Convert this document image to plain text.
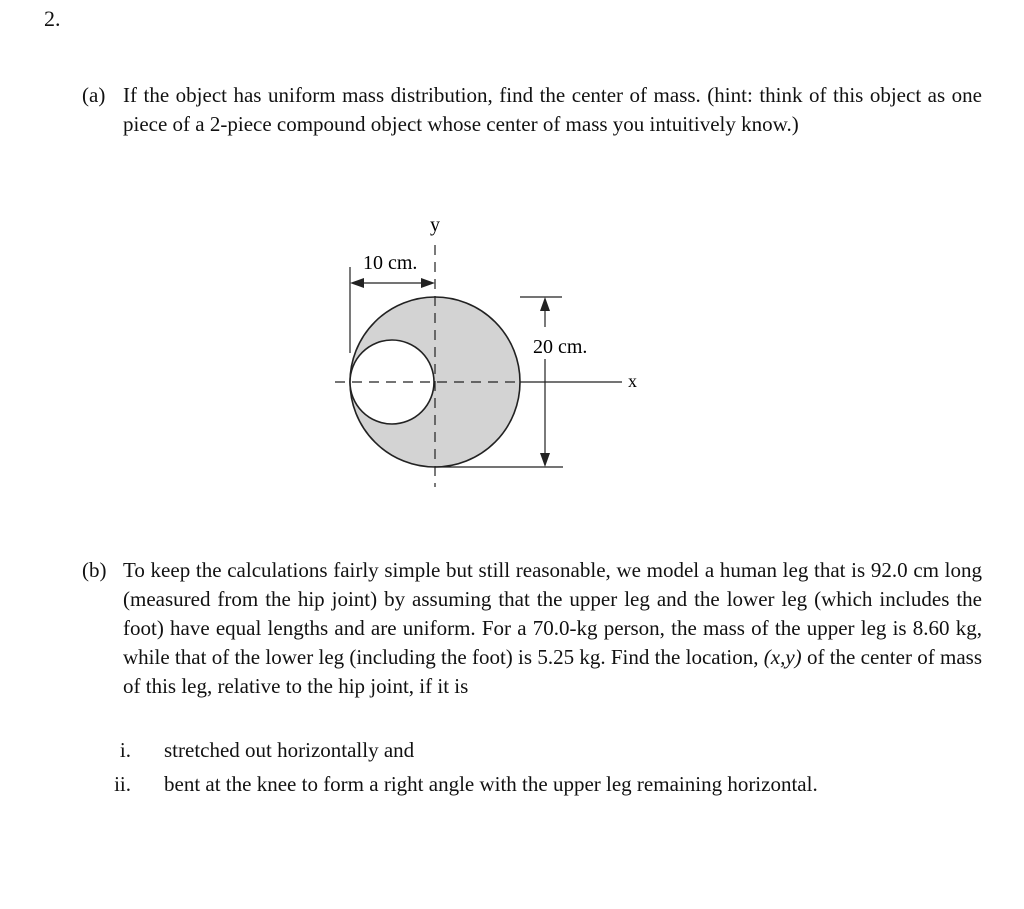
2.
(a) If the object has uniform mass distribution, find the center of mass. (hint: think of this object as one piece of a 2-piece compound object whose center of mass you intuitively know.)
y
x
10 cm.
20 cm.
(b) To keep the calculations fairly simple but still reasonable, we model a human leg that is 92.0 cm long (measured from the hip joint) by assuming that the upper leg and the lower leg (which includes the foot) have equal lengths and are uniform. For a 70.0-kg person, the mass of the upper leg is 8.60 kg, while that of the lower leg (including the foot) is 5.25 kg. Find the location, (x,y) of the center of mass of this leg, relative to the hip joint, if it is
i. stretched out horizontally and
ii. bent at the knee to form a right angle with the upper leg remaining horizontal.
